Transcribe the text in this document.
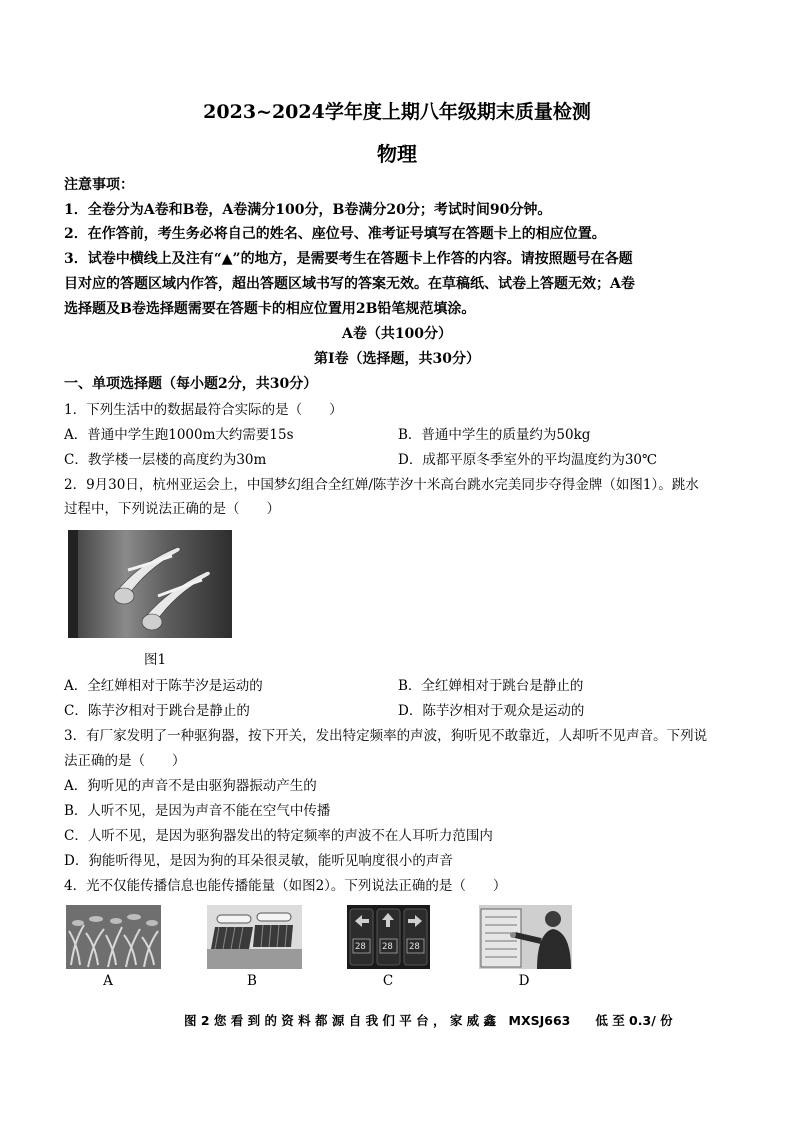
2023~2024学年度上期八年级期末质量检测
物理
注意事项：
1．全卷分为A卷和B卷，A卷满分100分，B卷满分20分；考试时间90分钟。
2．在作答前，考生务必将自己的姓名、座位号、准考证号填写在答题卡上的相应位置。
3．试卷中横线上及注有“▲”的地方，是需要考生在答题卡上作答的内容。请按照题号在各题
目对应的答题区域内作答，超出答题区域书写的答案无效。在草稿纸、试卷上答题无效；A卷
选择题及B卷选择题需要在答题卡的相应位置用2B铅笔规范填涂。
A卷（共100分）
第Ⅰ卷（选择题，共30分）
一、单项选择题（每小题2分，共30分）
1．下列生活中的数据最符合实际的是（　　）
A．普通中学生跑1000m大约需要15s	B．普通中学生的质量约为50kg
C．教学楼一层楼的高度约为30m	D．成都平原冬季室外的平均温度约为30℃
2．9月30日，杭州亚运会上，中国梦幻组合全红婵/陈芋汐十米高台跳水完美同步夺得金牌（如图1）。跳水
过程中，下列说法正确的是（　　）
图1
A．全红婵相对于陈芋汐是运动的	B．全红婵相对于跳台是静止的
C．陈芋汐相对于跳台是静止的	D．陈芋汐相对于观众是运动的
3．有厂家发明了一种驱狗器，按下开关，发出特定频率的声波，狗听见不敢靠近，人却听不见声音。下列说
法正确的是（　　）
A．狗听见的声音不是由驱狗器振动产生的
B．人听不见，是因为声音不能在空气中传播
C．人听不见，是因为驱狗器发出的特定频率的声波不在人耳听力范围内
D．狗能听得见，是因为狗的耳朵很灵敏，能听见响度很小的声音
4．光不仅能传播信息也能传播能量（如图2）。下列说法正确的是（　　）
28 28 28
A	B	C	D
图 2 您 看 到 的 资 料 都 源 自 我 们 平 台 ， 家 威 鑫　MXSJ663　　低 至 0.3/ 份
